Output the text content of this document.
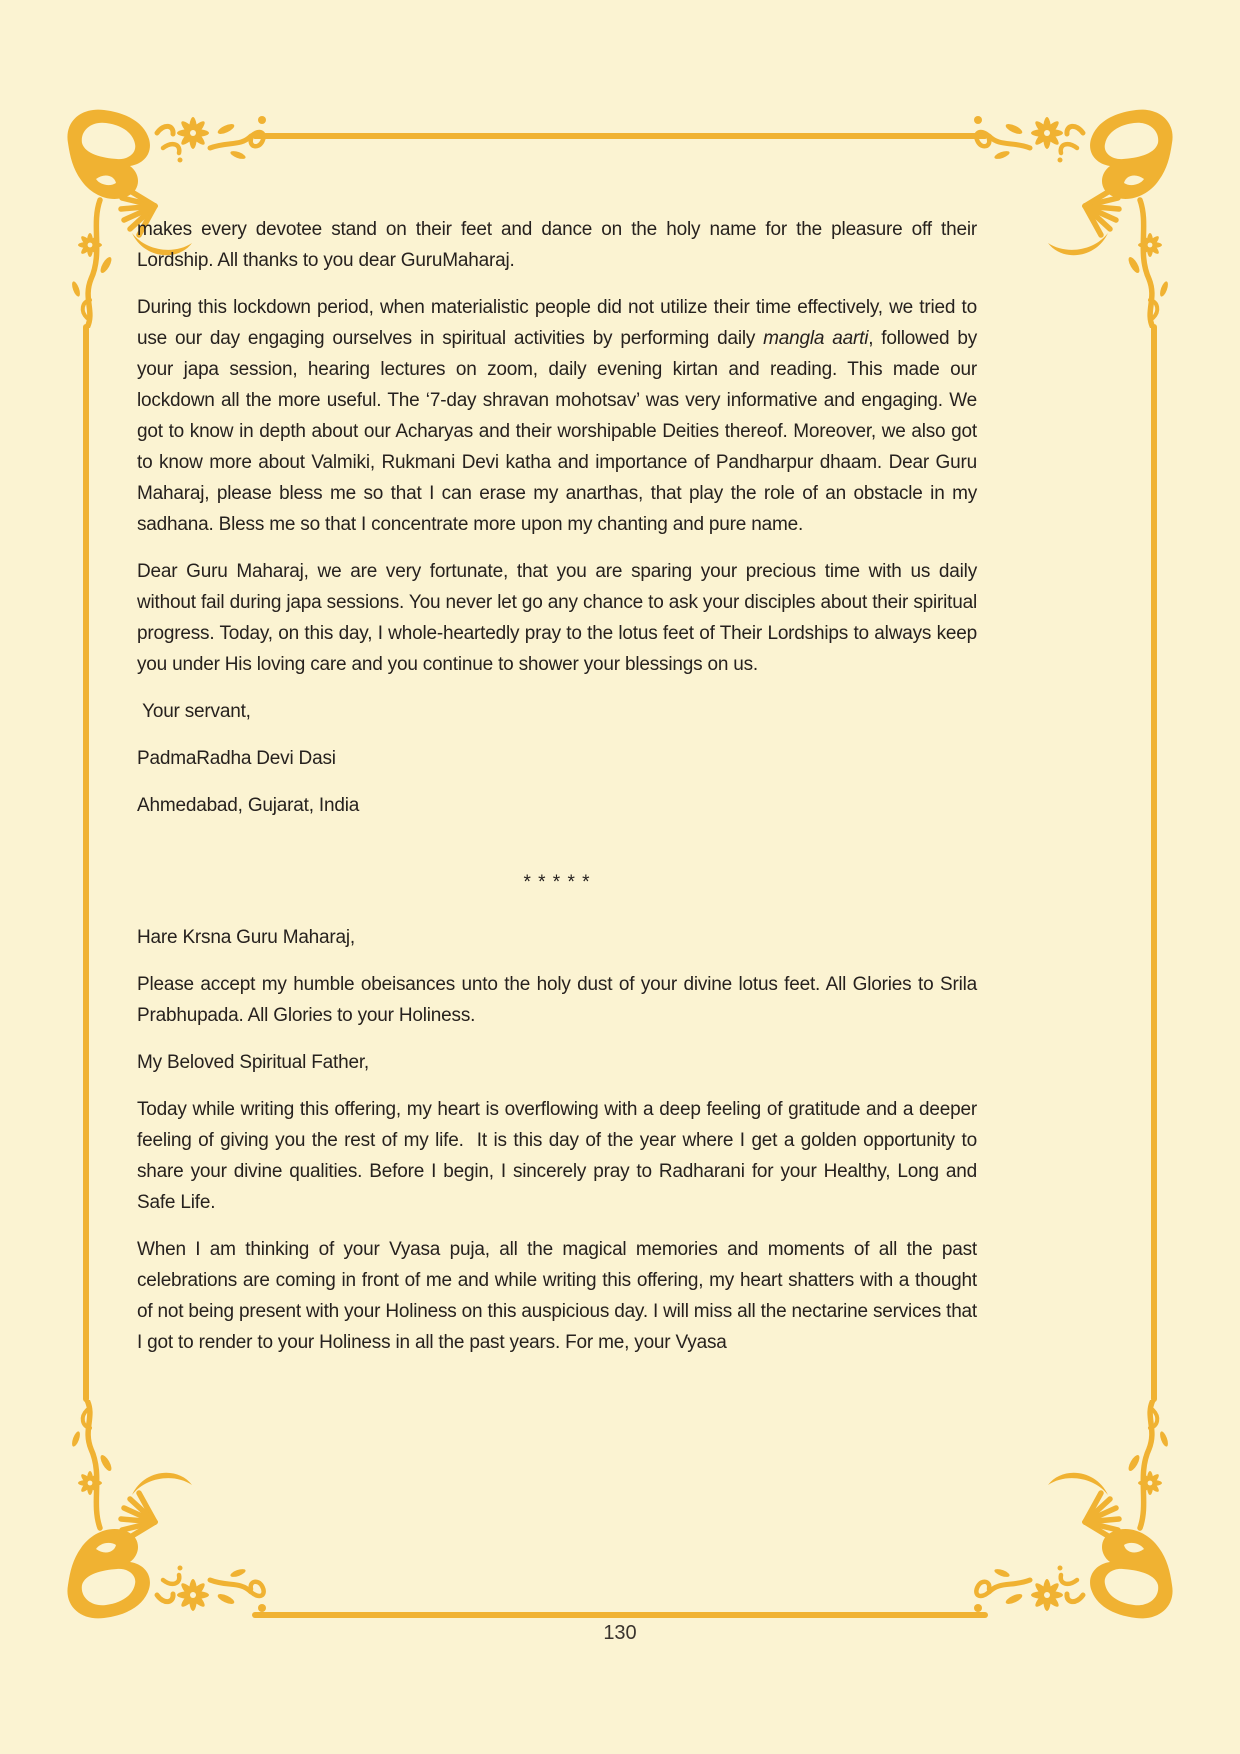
makes every devotee stand on their feet and dance on the holy name for the pleasure off their Lordship. All thanks to you dear GuruMaharaj.

During this lockdown period, when materialistic people did not utilize their time effectively, we tried to use our day engaging ourselves in spiritual activities by performing daily mangla aarti, followed by your japa session, hearing lectures on zoom, daily evening kirtan and reading. This made our lockdown all the more useful. The ‘7-day shravan mohotsav’ was very informative and engaging. We got to know in depth about our Acharyas and their worshipable Deities thereof. Moreover, we also got to know more about Valmiki, Rukmani Devi katha and importance of Pandharpur dhaam. Dear Guru Maharaj, please bless me so that I can erase my anarthas, that play the role of an obstacle in my sadhana. Bless me so that I concentrate more upon my chanting and pure name.

Dear Guru Maharaj, we are very fortunate, that you are sparing your precious time with us daily without fail during japa sessions. You never let go any chance to ask your disciples about their spiritual progress. Today, on this day, I whole-heartedly pray to the lotus feet of Their Lordships to always keep you under His loving care and you continue to shower your blessings on us.

Your servant,

PadmaRadha Devi Dasi

Ahmedabad, Gujarat, India

* * * * *

Hare Krsna Guru Maharaj,

Please accept my humble obeisances unto the holy dust of your divine lotus feet. All Glories to Srila Prabhupada. All Glories to your Holiness.

My Beloved Spiritual Father,

Today while writing this offering, my heart is overflowing with a deep feeling of gratitude and a deeper feeling of giving you the rest of my life.  It is this day of the year where I get a golden opportunity to share your divine qualities. Before I begin, I sincerely pray to Radharani for your Healthy, Long and Safe Life.

When I am thinking of your Vyasa puja, all the magical memories and moments of all the past celebrations are coming in front of me and while writing this offering, my heart shatters with a thought of not being present with your Holiness on this auspicious day. I will miss all the nectarine services that I got to render to your Holiness in all the past years. For me, your Vyasa

130
